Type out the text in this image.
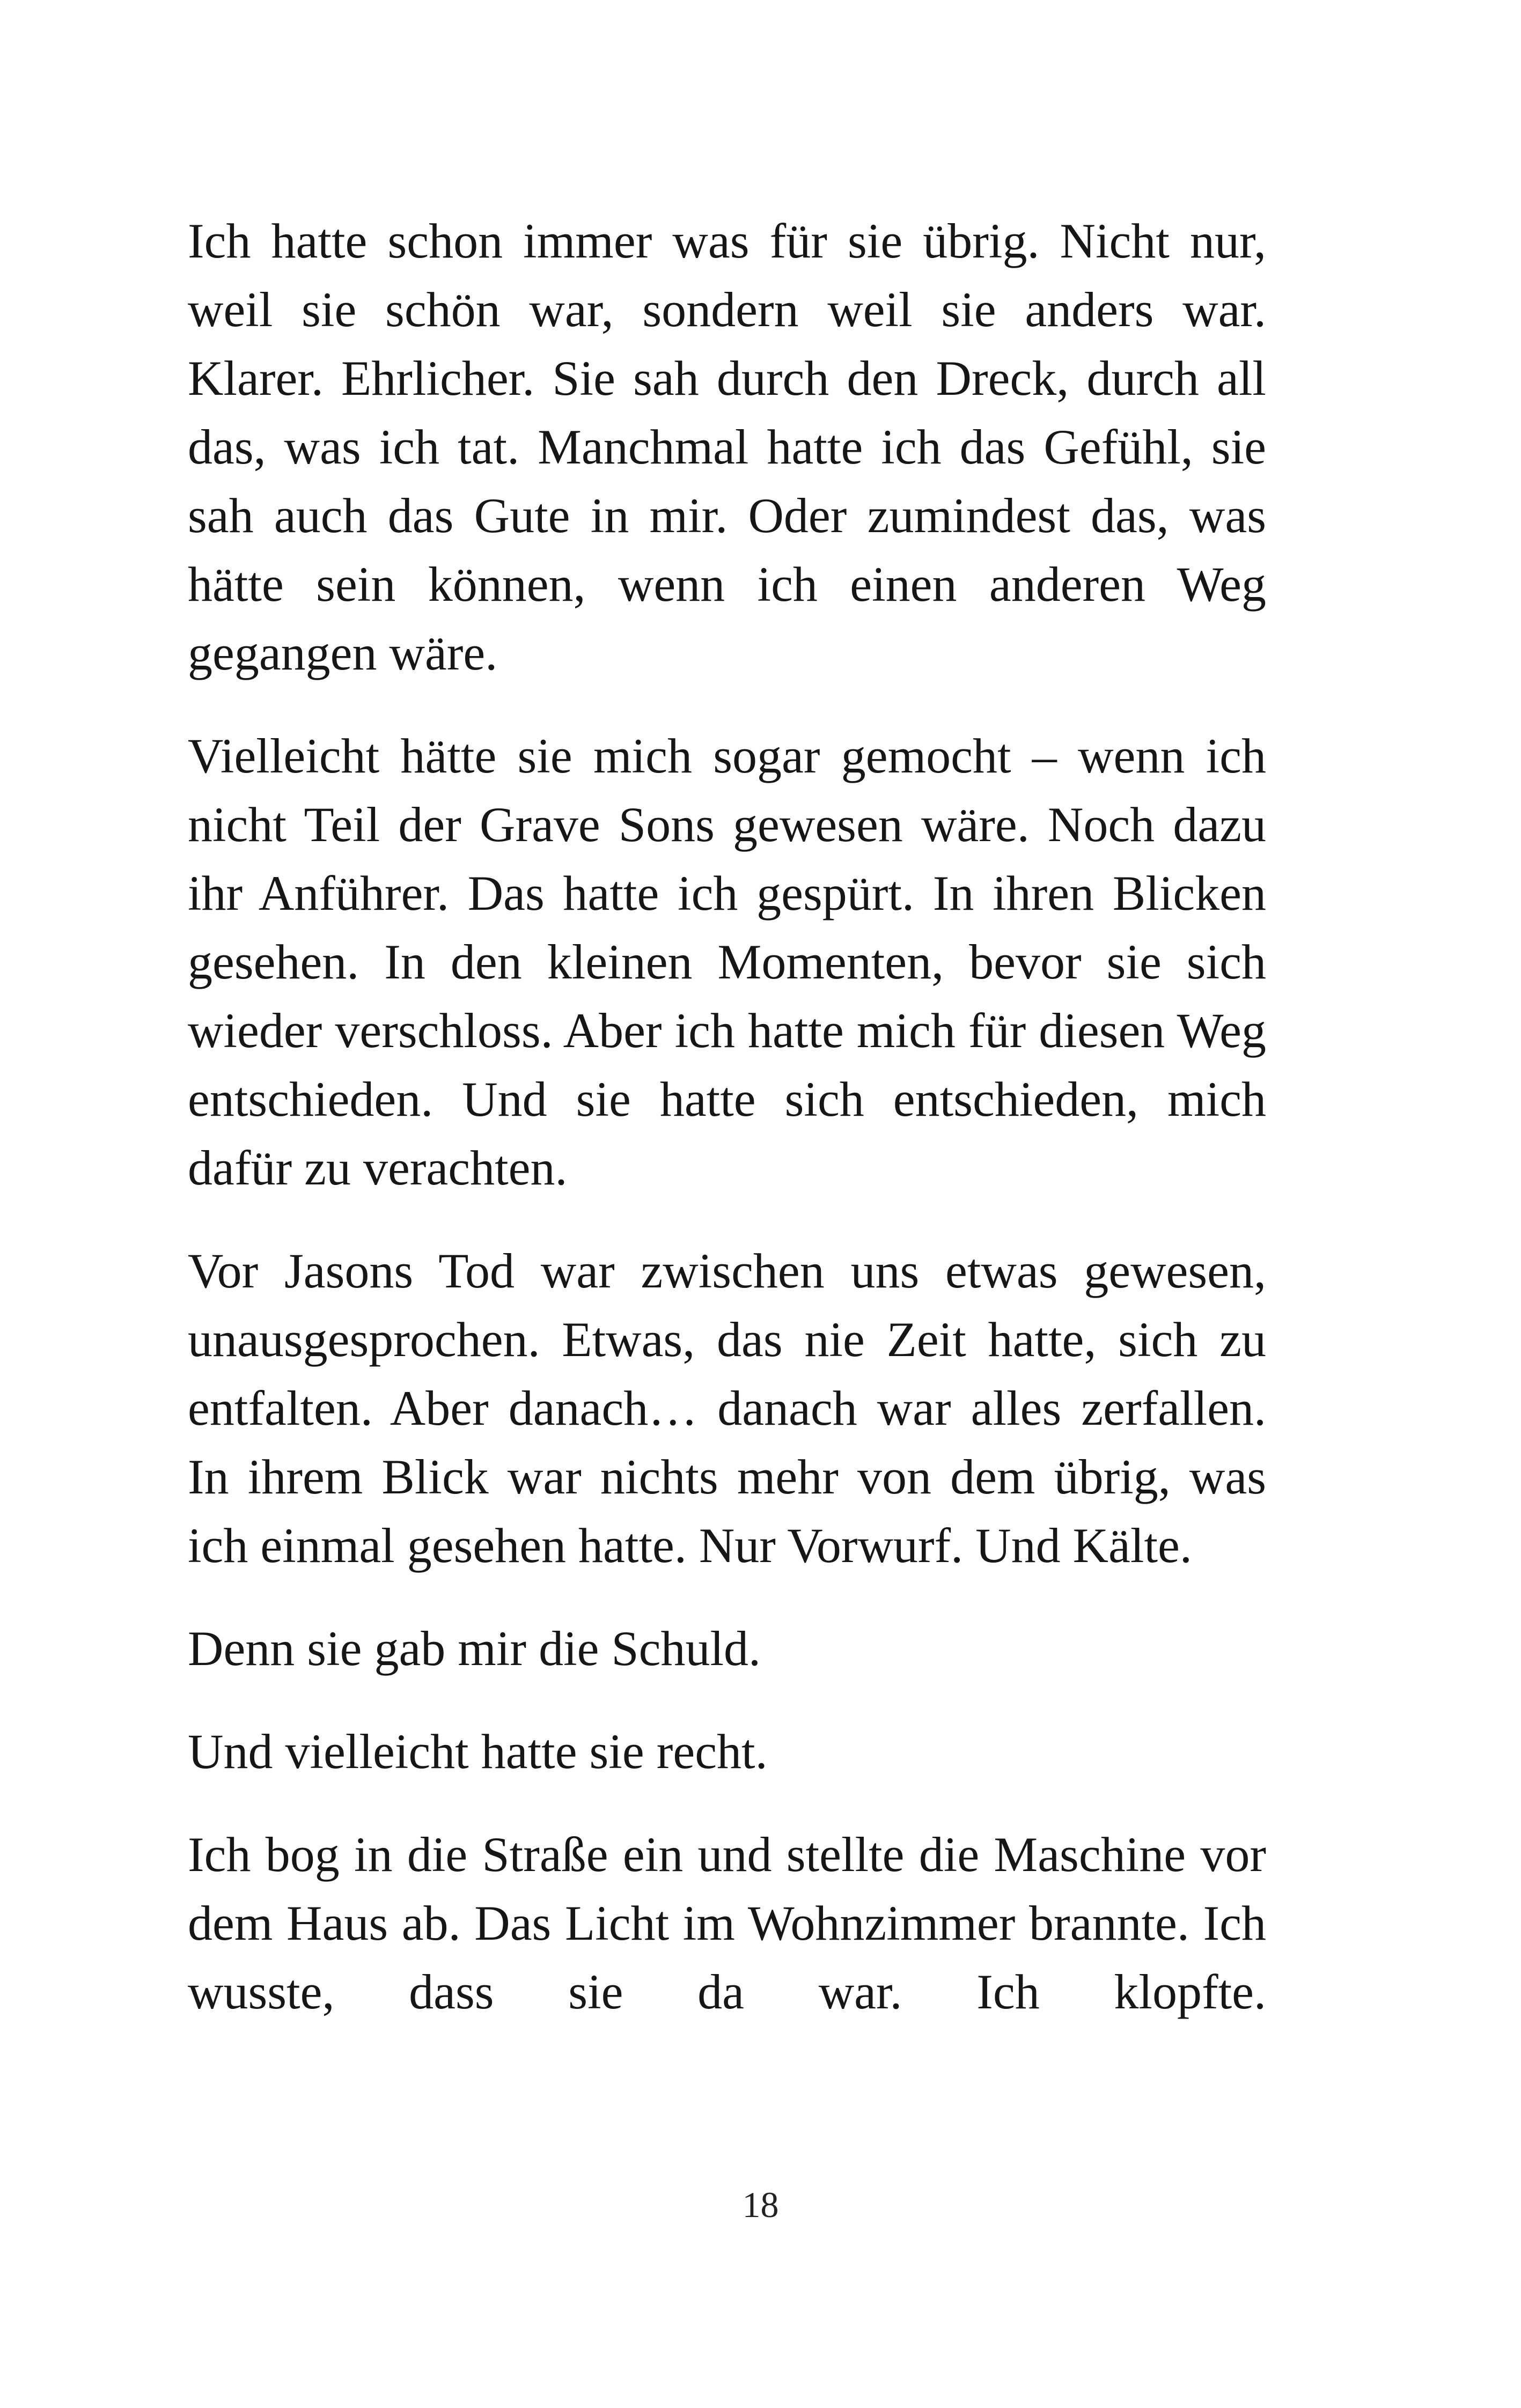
Ich hatte schon immer was für sie übrig. Nicht nur, weil sie schön war, sondern weil sie anders war. Klarer. Ehrlicher. Sie sah durch den Dreck, durch all das, was ich tat. Manchmal hatte ich das Gefühl, sie sah auch das Gute in mir. Oder zumindest das, was hätte sein können, wenn ich einen anderen Weg gegangen wäre.

Vielleicht hätte sie mich sogar gemocht – wenn ich nicht Teil der Grave Sons gewesen wäre. Noch dazu ihr Anführer. Das hatte ich gespürt. In ihren Blicken gesehen. In den kleinen Momenten, bevor sie sich wieder verschloss. Aber ich hatte mich für diesen Weg entschieden. Und sie hatte sich entschieden, mich dafür zu verachten.

Vor Jasons Tod war zwischen uns etwas gewesen, unausgesprochen. Etwas, das nie Zeit hatte, sich zu entfalten. Aber danach… danach war alles zerfallen. In ihrem Blick war nichts mehr von dem übrig, was ich einmal gesehen hatte. Nur Vorwurf. Und Kälte.

Denn sie gab mir die Schuld.

Und vielleicht hatte sie recht.

Ich bog in die Straße ein und stellte die Maschine vor dem Haus ab. Das Licht im Wohnzimmer brannte. Ich wusste, dass sie da war. Ich klopfte.

18
